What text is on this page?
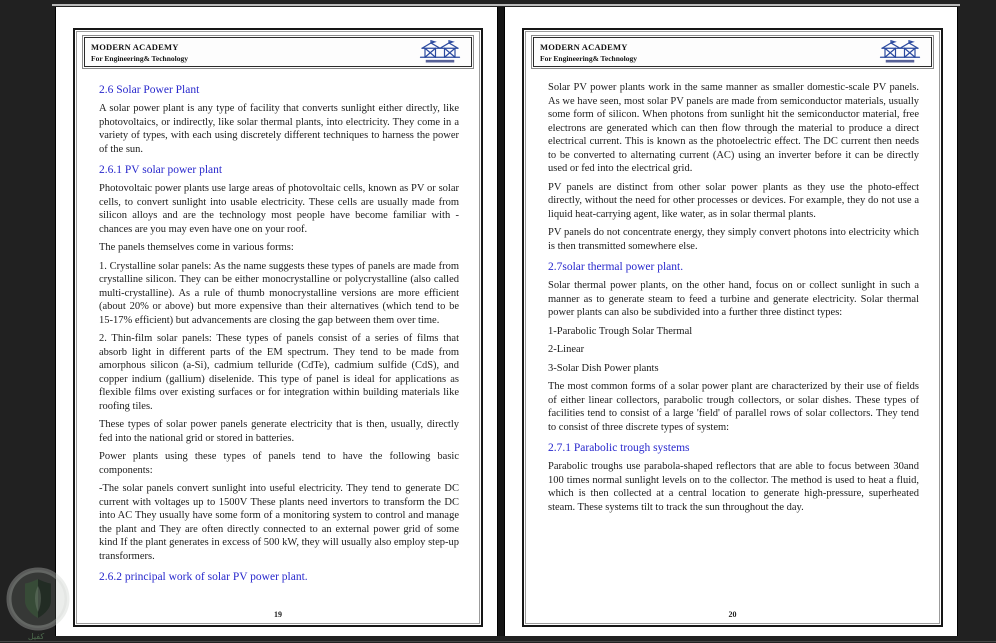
MODERN ACADEMY
For Engineering& Technology
2.6 Solar Power Plant

A solar power plant is any type of facility that converts sunlight either directly, like photovoltaics, or indirectly, like solar thermal plants, into electricity. They come in a variety of types, with each using discretely different techniques to harness the power of the sun.

2.6.1 PV solar power plant

Photovoltaic power plants use large areas of photovoltaic cells, known as PV or solar cells, to convert sunlight into usable electricity. These cells are usually made from silicon alloys and are the technology most people have become familiar with - chances are you may even have one on your roof.

The panels themselves come in various forms:

1. Crystalline solar panels: As the name suggests these types of panels are made from crystalline silicon. They can be either monocrystalline or polycrystalline (also called multi-crystalline). As a rule of thumb monocrystalline versions are more efficient (about 20% or above) but more expensive than their alternatives (which tend to be 15-17% efficient) but advancements are closing the gap between them over time.

2. Thin-film solar panels: These types of panels consist of a series of films that absorb light in different parts of the EM spectrum. They tend to be made from amorphous silicon (a-Si), cadmium telluride (CdTe), cadmium sulfide (CdS), and copper indium (gallium) diselenide. This type of panel is ideal for applications as flexible films over existing surfaces or for integration within building materials like roofing tiles.

These types of solar power panels generate electricity that is then, usually, directly fed into the national grid or stored in batteries.

Power plants using these types of panels tend to have the following basic components:

-The solar panels convert sunlight into useful electricity. They tend to generate DC current with voltages up to 1500V These plants need invertors to transform the DC into AC They usually have some form of a monitoring system to control and manage the plant and They are often directly connected to an external power grid of some kind If the plant generates in excess of 500 kW, they will usually also employ step-up transformers.

2.6.2 principal work of solar PV power plant.
19
MODERN ACADEMY
For Engineering& Technology

Solar PV power plants work in the same manner as smaller domestic-scale PV panels. As we have seen, most solar PV panels are made from semiconductor materials, usually some form of silicon. When photons from sunlight hit the semiconductor material, free electrons are generated which can then flow through the material to produce a direct electrical current. This is known as the photoelectric effect. The DC current then needs to be converted to alternating current (AC) using an inverter before it can be directly used or fed into the electrical grid.

PV panels are distinct from other solar power plants as they use the photo-effect directly, without the need for other processes or devices. For example, they do not use a liquid heat-carrying agent, like water, as in solar thermal plants.

PV panels do not concentrate energy, they simply convert photons into electricity which is then transmitted somewhere else.

2.7solar thermal power plant.

Solar thermal power plants, on the other hand, focus on or collect sunlight in such a manner as to generate steam to feed a turbine and generate electricity. Solar thermal power plants can also be subdivided into a further three distinct types:

1-Parabolic Trough Solar Thermal

2-Linear

3-Solar Dish Power plants

The most common forms of a solar power plant are characterized by their use of fields of either linear collectors, parabolic trough collectors, or solar dishes. These types of facilities tend to consist of a large 'field' of parallel rows of solar collectors. They tend to consist of three discrete types of system:

2.7.1 Parabolic trough systems

Parabolic troughs use parabola-shaped reflectors that are able to focus between 30and 100 times normal sunlight levels on to the collector. The method is used to heat a fluid, which is then collected at a central location to generate high-pressure, superheated steam. These systems tilt to track the sun throughout the day.

20
كفيل
